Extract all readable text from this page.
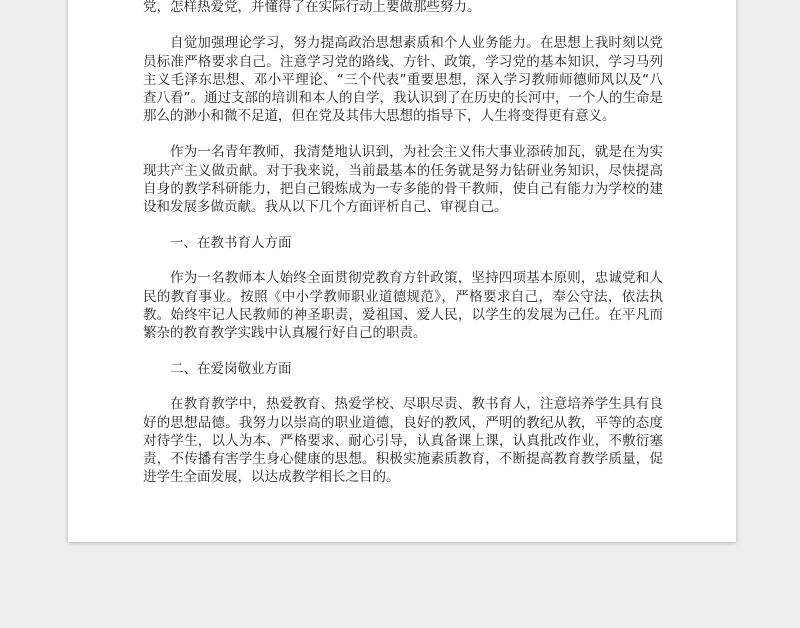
党，怎样热爱党，并懂得了在实际行动上要做那些努力。

自觉加强理论学习，努力提高政治思想素质和个人业务能力。在思想上我时刻以党员标准严格要求自己。注意学习党的路线、方针、政策，学习党的基本知识，学习马列主义毛泽东思想、邓小平理论、“三个代表”重要思想，深入学习教师师德师风以及“八查八看”。通过支部的培训和本人的自学，我认识到了在历史的长河中，一个人的生命是那么的渺小和微不足道，但在党及其伟大思想的指导下，人生将变得更有意义。

作为一名青年教师，我清楚地认识到，为社会主义伟大事业添砖加瓦，就是在为实现共产主义做贡献。对于我来说，当前最基本的任务就是努力钻研业务知识，尽快提高自身的教学科研能力，把自己锻炼成为一专多能的骨干教师，使自己有能力为学校的建设和发展多做贡献。我从以下几个方面评析自己、审视自己。

一、在教书育人方面

作为一名教师本人始终全面贯彻党教育方针政策，坚持四项基本原则，忠诚党和人民的教育事业。按照《中小学教师职业道德规范》，严格要求自己，奉公守法，依法执教。始终牢记人民教师的神圣职责，爱祖国、爱人民，以学生的发展为己任。在平凡而繁杂的教育教学实践中认真履行好自己的职责。

二、在爱岗敬业方面

在教育教学中，热爱教育、热爱学校、尽职尽责、教书育人，注意培养学生具有良好的思想品德。我努力以崇高的职业道德，良好的教风，严明的教纪从教，平等的态度对待学生，以人为本、严格要求、耐心引导，认真备课上课，认真批改作业，不敷衍塞责，不传播有害学生身心健康的思想。积极实施素质教育，不断提高教育教学质量，促进学生全面发展，以达成教学相长之目的。
